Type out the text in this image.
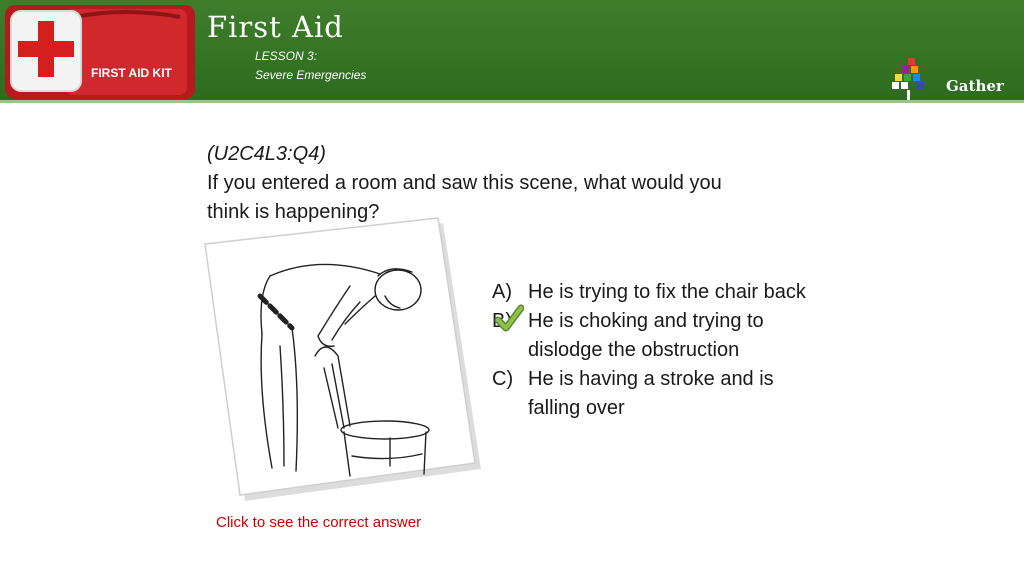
FIRST AID KIT
First Aid
LESSON 3:
Severe Emergencies
Gather
(U2C4L3:Q4)
If you entered a room and saw this scene, what would you
think is happening?
A) He is trying to fix the chair back
B) He is choking and trying to
dislodge the obstruction
C) He is having a stroke and is
falling over
Click to see the correct answer
